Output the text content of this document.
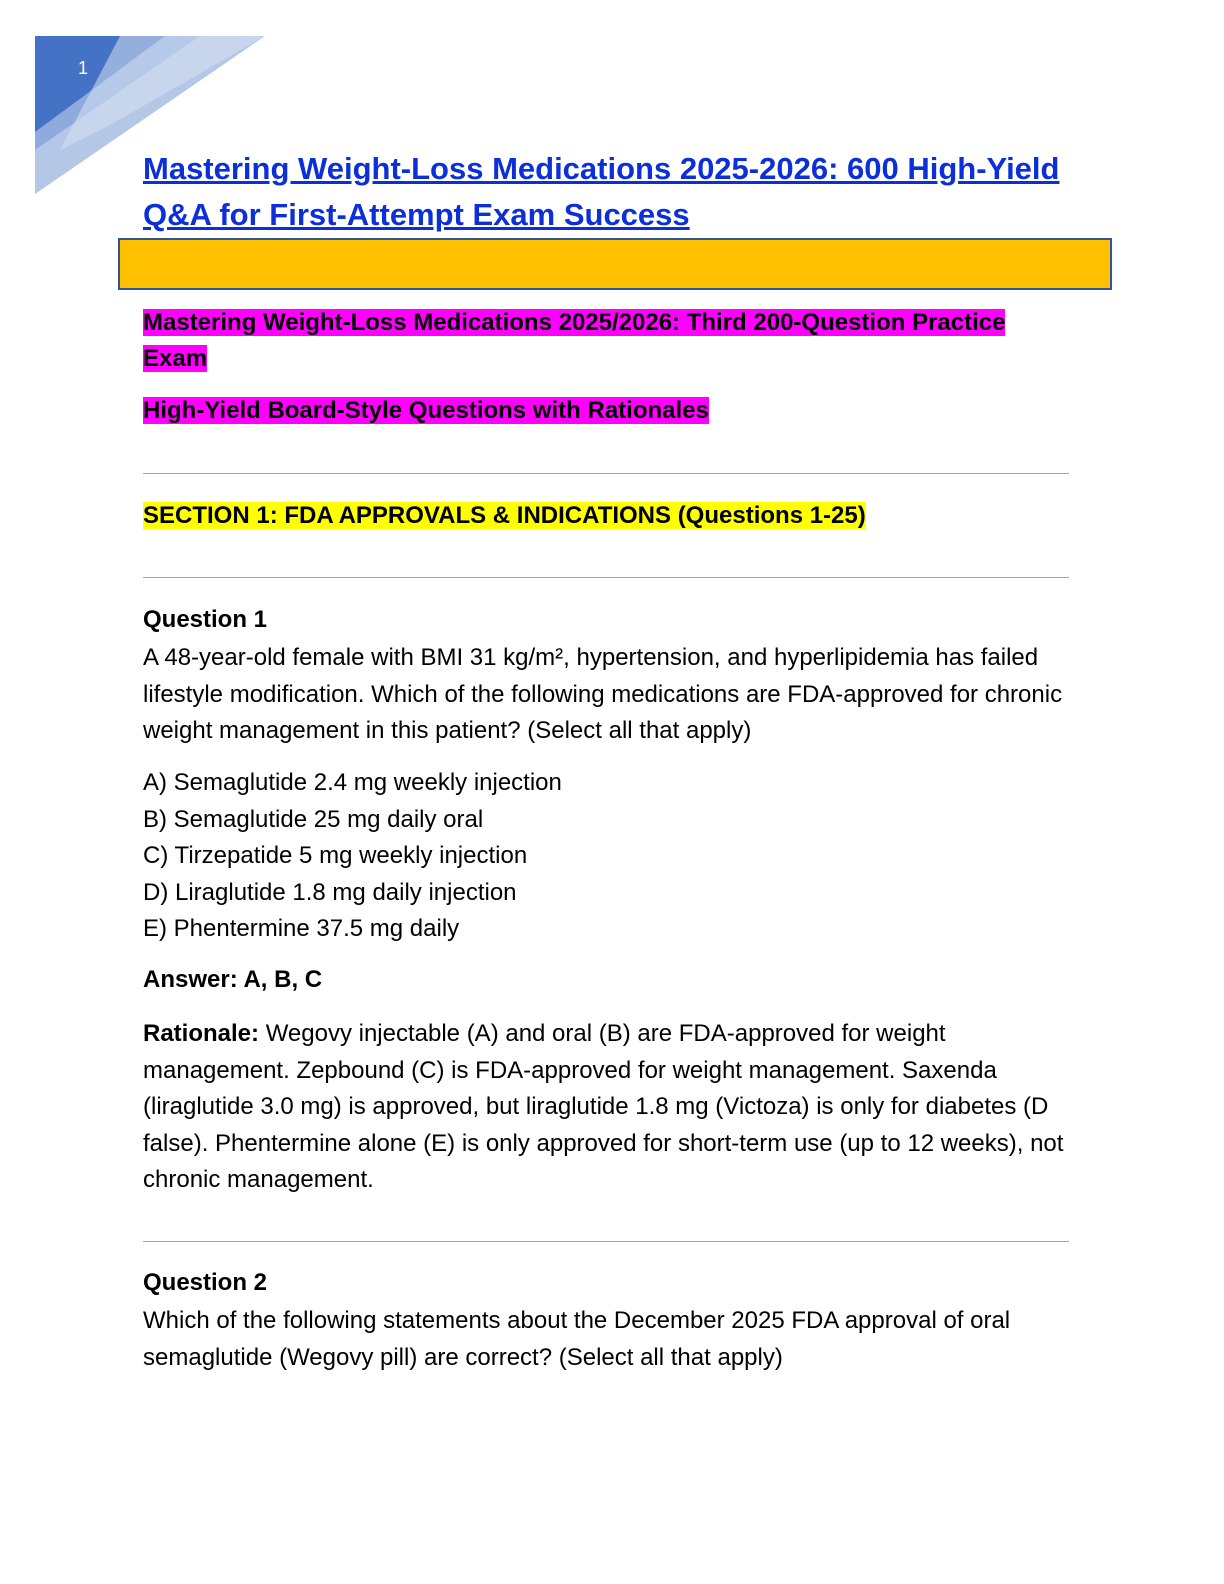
1
Mastering Weight-Loss Medications 2025-2026: 600 High-Yield Q&A for First-Attempt Exam Success
Mastering Weight-Loss Medications 2025/2026: Third 200-Question Practice Exam
High-Yield Board-Style Questions with Rationales
SECTION 1: FDA APPROVALS & INDICATIONS (Questions 1-25)
Question 1
A 48-year-old female with BMI 31 kg/m², hypertension, and hyperlipidemia has failed lifestyle modification. Which of the following medications are FDA-approved for chronic weight management in this patient? (Select all that apply)
A) Semaglutide 2.4 mg weekly injection
B) Semaglutide 25 mg daily oral
C) Tirzepatide 5 mg weekly injection
D) Liraglutide 1.8 mg daily injection
E) Phentermine 37.5 mg daily
Answer: A, B, C
Rationale: Wegovy injectable (A) and oral (B) are FDA-approved for weight management. Zepbound (C) is FDA-approved for weight management. Saxenda (liraglutide 3.0 mg) is approved, but liraglutide 1.8 mg (Victoza) is only for diabetes (D false). Phentermine alone (E) is only approved for short-term use (up to 12 weeks), not chronic management.
Question 2
Which of the following statements about the December 2025 FDA approval of oral semaglutide (Wegovy pill) are correct? (Select all that apply)
